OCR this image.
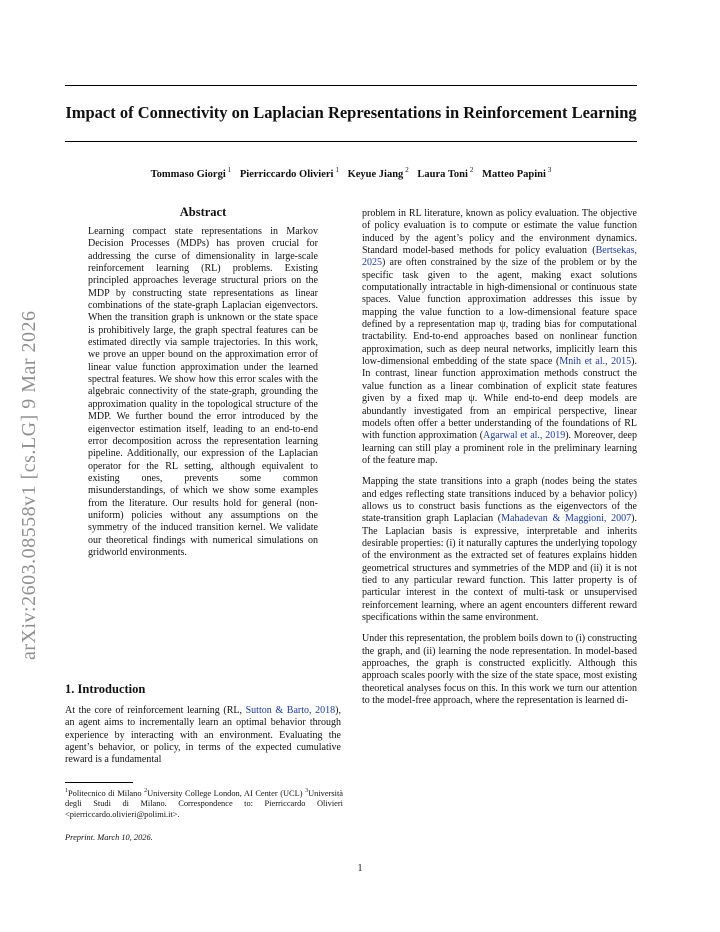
arXiv:2603.08558v1 [cs.LG] 9 Mar 2026
Impact of Connectivity on Laplacian Representations in Reinforcement Learning
Tommaso Giorgi $^1$ Pierriccardo Olivieri $^1$ Keyue Jiang $^2$ Laura Toni $^2$ Matteo Papini $^3$
Abstract

Learning compact state representations in Markov Decision Processes (MDPs) has proven crucial for addressing the curse of dimensionality in large-scale reinforcement learning (RL) problems. Existing principled approaches leverage structural priors on the MDP by constructing state representations as linear combinations of the state-graph Laplacian eigenvectors. When the transition graph is unknown or the state space is prohibitively large, the graph spectral features can be estimated directly via sample trajectories. In this work, we prove an upper bound on the approximation error of linear value function approximation under the learned spectral features. We show how this error scales with the algebraic connectivity of the state-graph, grounding the approximation quality in the topological structure of the MDP. We further bound the error introduced by the eigenvector estimation itself, leading to an end-to-end error decomposition across the representation learning pipeline. Additionally, our expression of the Laplacian operator for the RL setting, although equivalent to existing ones, prevents some common misunderstandings, of which we show some examples from the literature. Our results hold for general (non-uniform) policies without any assumptions on the symmetry of the induced transition kernel. We validate our theoretical findings with numerical simulations on gridworld environments.

1. Introduction

At the core of reinforcement learning (RL, Sutton & Barto, 2018), an agent aims to incrementally learn an optimal behavior through experience by interacting with an environment. Evaluating the agent’s behavior, or policy, in terms of the expected cumulative reward is a fundamental

$^1$Politecnico di Milano $^2$University College London, AI Center (UCL) $^3$Università degli Studi di Milano. Correspondence to: Pierriccardo Olivieri <pierriccardo.olivieri@polimi.it>.
Preprint. March 10, 2026.

problem in RL literature, known as policy evaluation. The objective of policy evaluation is to compute or estimate the value function induced by the agent’s policy and the environment dynamics. Standard model-based methods for policy evaluation (Bertsekas, 2025) are often constrained by the size of the problem or by the specific task given to the agent, making exact solutions computationally intractable in high-dimensional or continuous state spaces. Value function approximation addresses this issue by mapping the value function to a low-dimensional feature space defined by a representation map ψ, trading bias for computational tractability. End-to-end approaches based on nonlinear function approximation, such as deep neural networks, implicitly learn this low-dimensional embedding of the state space (Mnih et al., 2015). In contrast, linear function approximation methods construct the value function as a linear combination of explicit state features given by a fixed map ψ. While end-to-end deep models are abundantly investigated from an empirical perspective, linear models often offer a better understanding of the foundations of RL with function approximation (Agarwal et al., 2019). Moreover, deep learning can still play a prominent role in the preliminary learning of the feature map.

Mapping the state transitions into a graph (nodes being the states and edges reflecting state transitions induced by a behavior policy) allows us to construct basis functions as the eigenvectors of the state-transition graph Laplacian (Mahadevan & Maggioni, 2007). The Laplacian basis is expressive, interpretable and inherits desirable properties: (i) it naturally captures the underlying topology of the environment as the extracted set of features explains hidden geometrical structures and symmetries of the MDP and (ii) it is not tied to any particular reward function. This latter property is of particular interest in the context of multi-task or unsupervised reinforcement learning, where an agent encounters different reward specifications within the same environment.

Under this representation, the problem boils down to (i) constructing the graph, and (ii) learning the node representation. In model-based approaches, the graph is constructed explicitly. Although this approach scales poorly with the size of the state space, most existing theoretical analyses focus on this. In this work we turn our attention to the model-free approach, where the representation is learned di-

1
